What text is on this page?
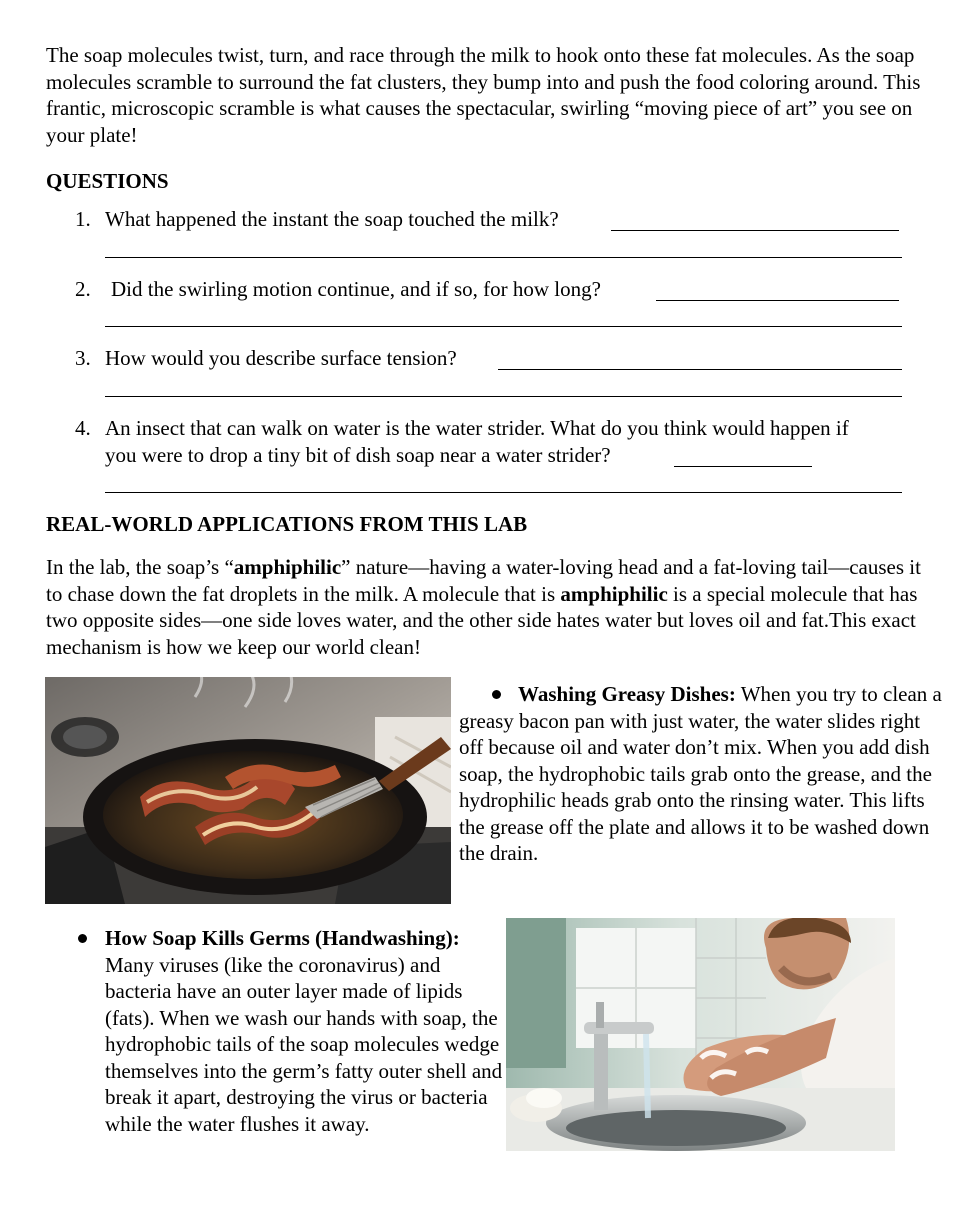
The soap molecules twist, turn, and race through the milk to hook onto these fat molecules. As the soap molecules scramble to surround the fat clusters, they bump into and push the food coloring around. This frantic, microscopic scramble is what causes the spectacular, swirling “moving piece of art” you see on your plate!

QUESTIONS
1. What happened the instant the soap touched the milk?
2. Did the swirling motion continue, and if so, for how long?
3. How would you describe surface tension?
4. An insect that can walk on water is the water strider. What do you think would happen if
you were to drop a tiny bit of dish soap near a water strider?
REAL-WORLD APPLICATIONS FROM THIS LAB

In the lab, the soap’s “amphiphilic” nature—having a water-loving head and a fat-loving tail—causes it to chase down the fat droplets in the milk. A molecule that is amphiphilic is a special molecule that has two opposite sides—one side loves water, and the other side hates water but loves oil and fat.This exact mechanism is how we keep our world clean!

Washing Greasy Dishes: When you try to clean a greasy bacon pan with just water, the water slides right off because oil and water don’t mix. When you add dish soap, the hydrophobic tails grab onto the grease, and the hydrophilic heads grab onto the rinsing water. This lifts the grease off the plate and allows it to be washed down the drain.

How Soap Kills Germs (Handwashing): Many viruses (like the coronavirus) and bacteria have an outer layer made of lipids (fats). When we wash our hands with soap, the hydrophobic tails of the soap molecules wedge themselves into the germ’s fatty outer shell and break it apart, destroying the virus or bacteria while the water flushes it away.
